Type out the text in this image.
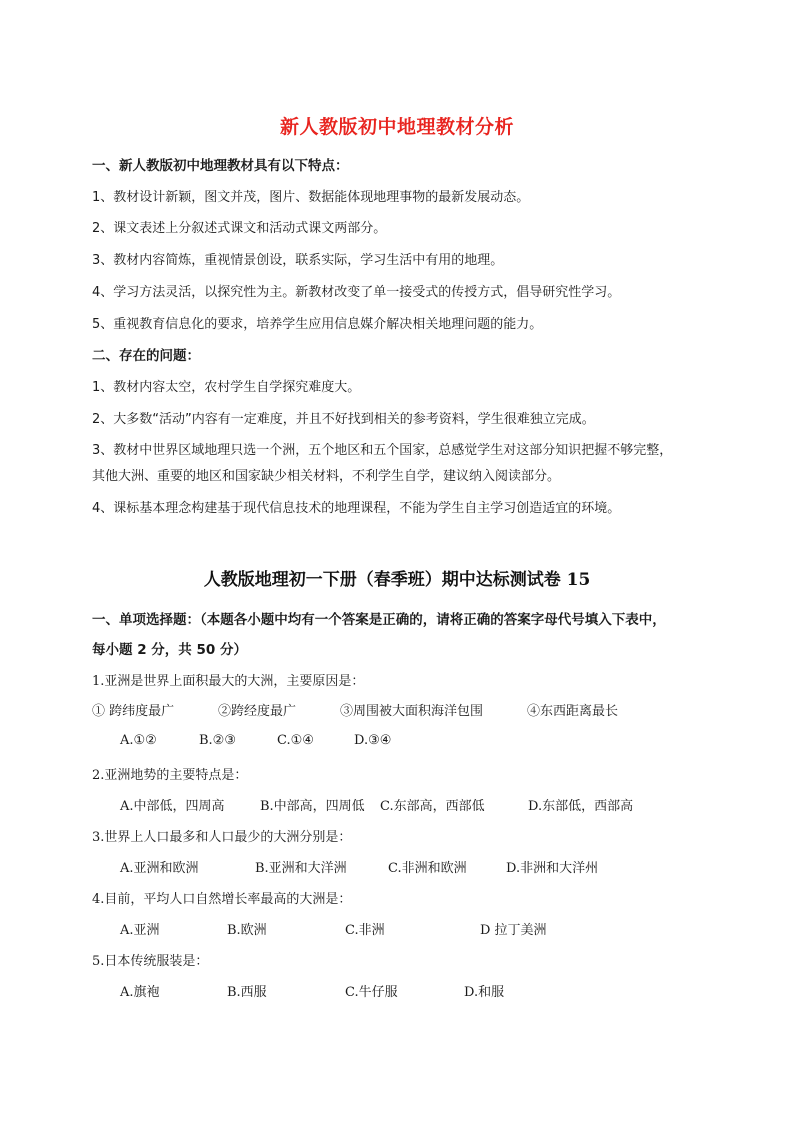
新人教版初中地理教材分析
一、新人教版初中地理教材具有以下特点：
1、教材设计新颖，图文并茂，图片、数据能体现地理事物的最新发展动态。
2、课文表述上分叙述式课文和活动式课文两部分。
3、教材内容简炼，重视情景创设，联系实际，学习生活中有用的地理。
4、学习方法灵活，以探究性为主。新教材改变了单一接受式的传授方式，倡导研究性学习。
5、重视教育信息化的要求，培养学生应用信息媒介解决相关地理问题的能力。
二、存在的问题：
1、教材内容太空，农村学生自学探究难度大。
2、大多数“活动”内容有一定难度，并且不好找到相关的参考资料，学生很难独立完成。
3、教材中世界区域地理只选一个洲，五个地区和五个国家，总感觉学生对这部分知识把握不够完整，
其他大洲、重要的地区和国家缺少相关材料，不利学生自学，建议纳入阅读部分。
4、课标基本理念构建基于现代信息技术的地理课程，不能为学生自主学习创造适宜的环境。
人教版地理初一下册（春季班）期中达标测试卷 15
一、单项选择题：（本题各小题中均有一个答案是正确的，请将正确的答案字母代号填入下表中，
每小题 2 分，共 50 分）
1.亚洲是世界上面积最大的大洲，主要原因是：
① 跨纬度最广	②跨经度最广	③周围被大面积海洋包围	④东西距离最长
A.①②	B.②③	C.①④	D.③④
2.亚洲地势的主要特点是：
A.中部低，四周高	B.中部高，四周低 C.东部高，西部低	D.东部低，西部高
3.世界上人口最多和人口最少的大洲分别是：
A.亚洲和欧洲	B.亚洲和大洋洲	C.非洲和欧洲	D.非洲和大洋州
4.目前，平均人口自然增长率最高的大洲是：
A.亚洲	B.欧洲	C.非洲	D 拉丁美洲
5.日本传统服装是：
A.旗袍	B.西服	C.牛仔服	D.和服
